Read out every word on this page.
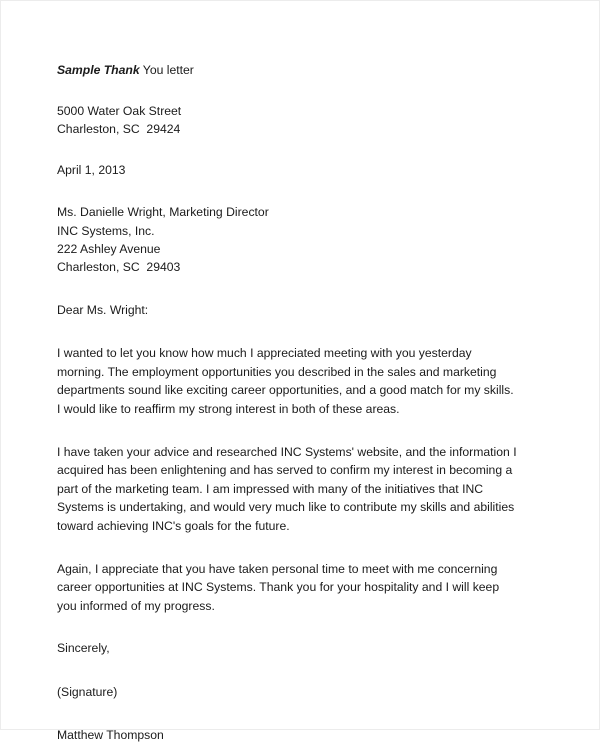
Sample Thank You letter

5000 Water Oak Street
Charleston, SC  29424
April 1, 2013
Ms. Danielle Wright, Marketing Director
INC Systems, Inc.
222 Ashley Avenue
Charleston, SC  29403
Dear Ms. Wright:

I wanted to let you know how much I appreciated meeting with you yesterday morning. The employment opportunities you described in the sales and marketing departments sound like exciting career opportunities, and a good match for my skills. I would like to reaffirm my strong interest in both of these areas.

I have taken your advice and researched INC Systems' website, and the information I acquired has been enlightening and has served to confirm my interest in becoming a part of the marketing team. I am impressed with many of the initiatives that INC Systems is undertaking, and would very much like to contribute my skills and abilities toward achieving INC's goals for the future.

Again, I appreciate that you have taken personal time to meet with me concerning career opportunities at INC Systems. Thank you for your hospitality and I will keep you informed of my progress.

Sincerely,
(Signature)
Matthew Thompson
